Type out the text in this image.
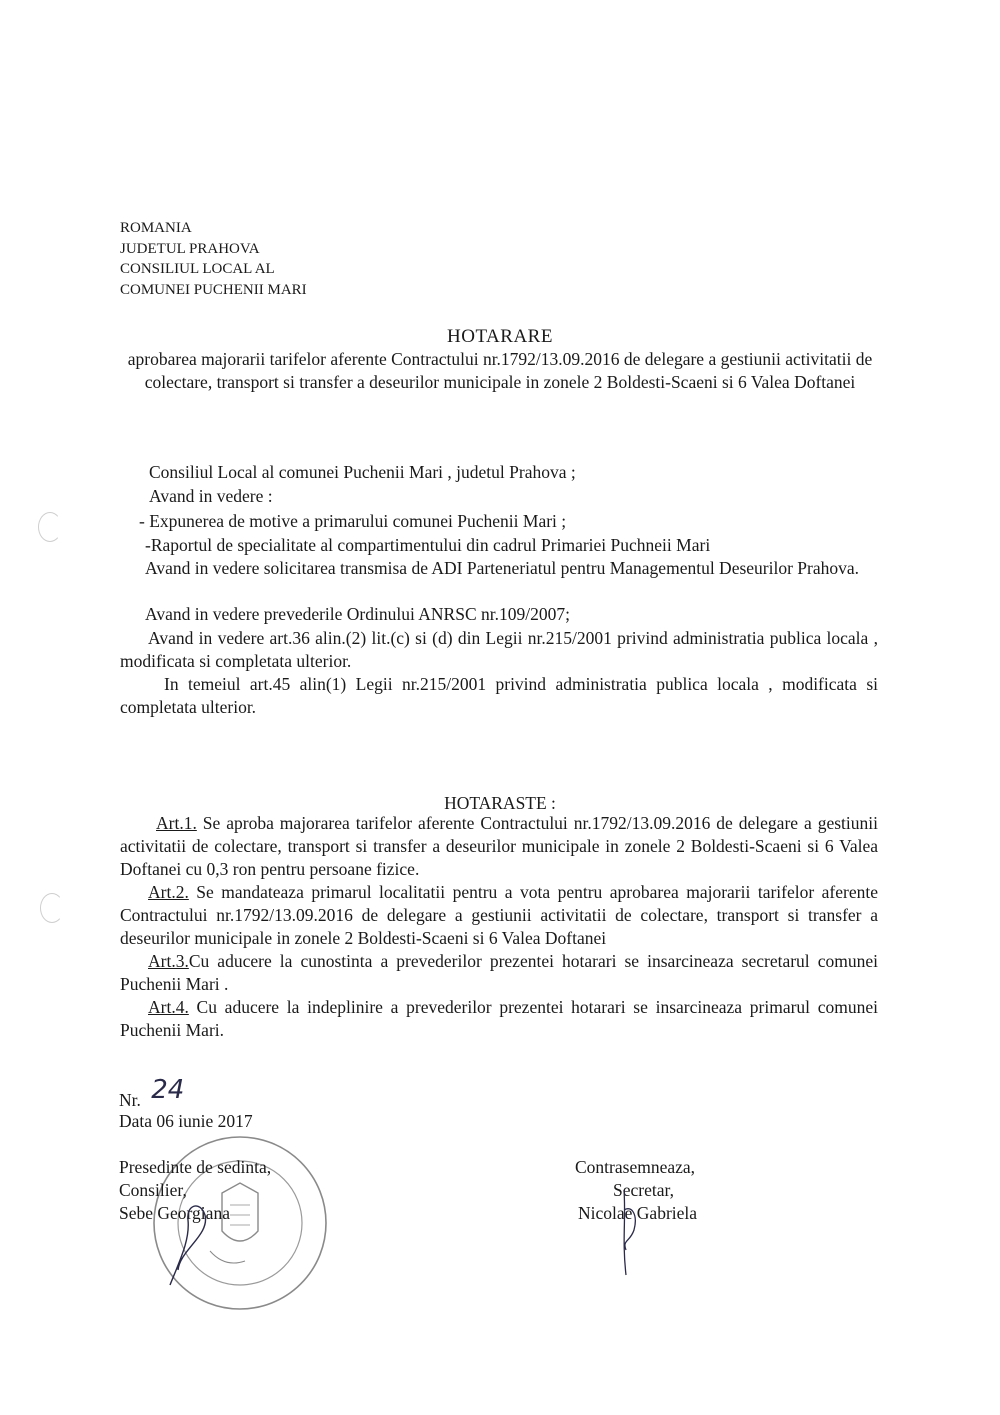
ROMANIA
JUDETUL PRAHOVA
CONSILIUL LOCAL AL
COMUNEI PUCHENII MARI
HOTARARE
aprobarea majorarii tarifelor aferente Contractului nr.1792/13.09.2016 de delegare a gestiunii activitatii de colectare, transport si transfer a deseurilor municipale in zonele 2 Boldesti-Scaeni si 6 Valea Doftanei
Consiliul Local al comunei Puchenii Mari , judetul Prahova ;
Avand in vedere :
- Expunerea de motive a primarului comunei Puchenii Mari ;
-Raportul de specialitate al compartimentului din cadrul Primariei Puchneii Mari
Avand in vedere solicitarea transmisa de ADI Parteneriatul pentru Managementul Deseurilor Prahova.
Avand in vedere prevederile Ordinului ANRSC nr.109/2007;
Avand in vedere art.36 alin.(2) lit.(c) si (d) din Legii nr.215/2001 privind administratia publica locala , modificata si completata ulterior.
In temeiul art.45 alin(1) Legii nr.215/2001 privind administratia publica locala , modificata si completata ulterior.
HOTARASTE :
Art.1. Se aproba majorarea tarifelor aferente Contractului nr.1792/13.09.2016 de delegare a gestiunii activitatii de colectare, transport si transfer a deseurilor municipale in zonele 2 Boldesti-Scaeni si 6 Valea Doftanei cu 0,3 ron pentru persoane fizice.
Art.2. Se mandateaza primarul localitatii pentru a vota pentru aprobarea majorarii tarifelor aferente Contractului nr.1792/13.09.2016 de delegare a gestiunii activitatii de colectare, transport si transfer a deseurilor municipale in zonele 2 Boldesti-Scaeni si 6 Valea Doftanei
Art.3.Cu aducere la cunostinta a prevederilor prezentei hotarari se insarcineaza secretarul comunei Puchenii Mari .
Art.4. Cu aducere la indeplinire a prevederilor prezentei hotarari se insarcineaza primarul comunei Puchenii Mari.
Nr. 24
Data 06 iunie 2017
Presedinte de sedinta,
Consilier,
Sebe Georgiana
Contrasemneaza,
Secretar,
Nicolae Gabriela
